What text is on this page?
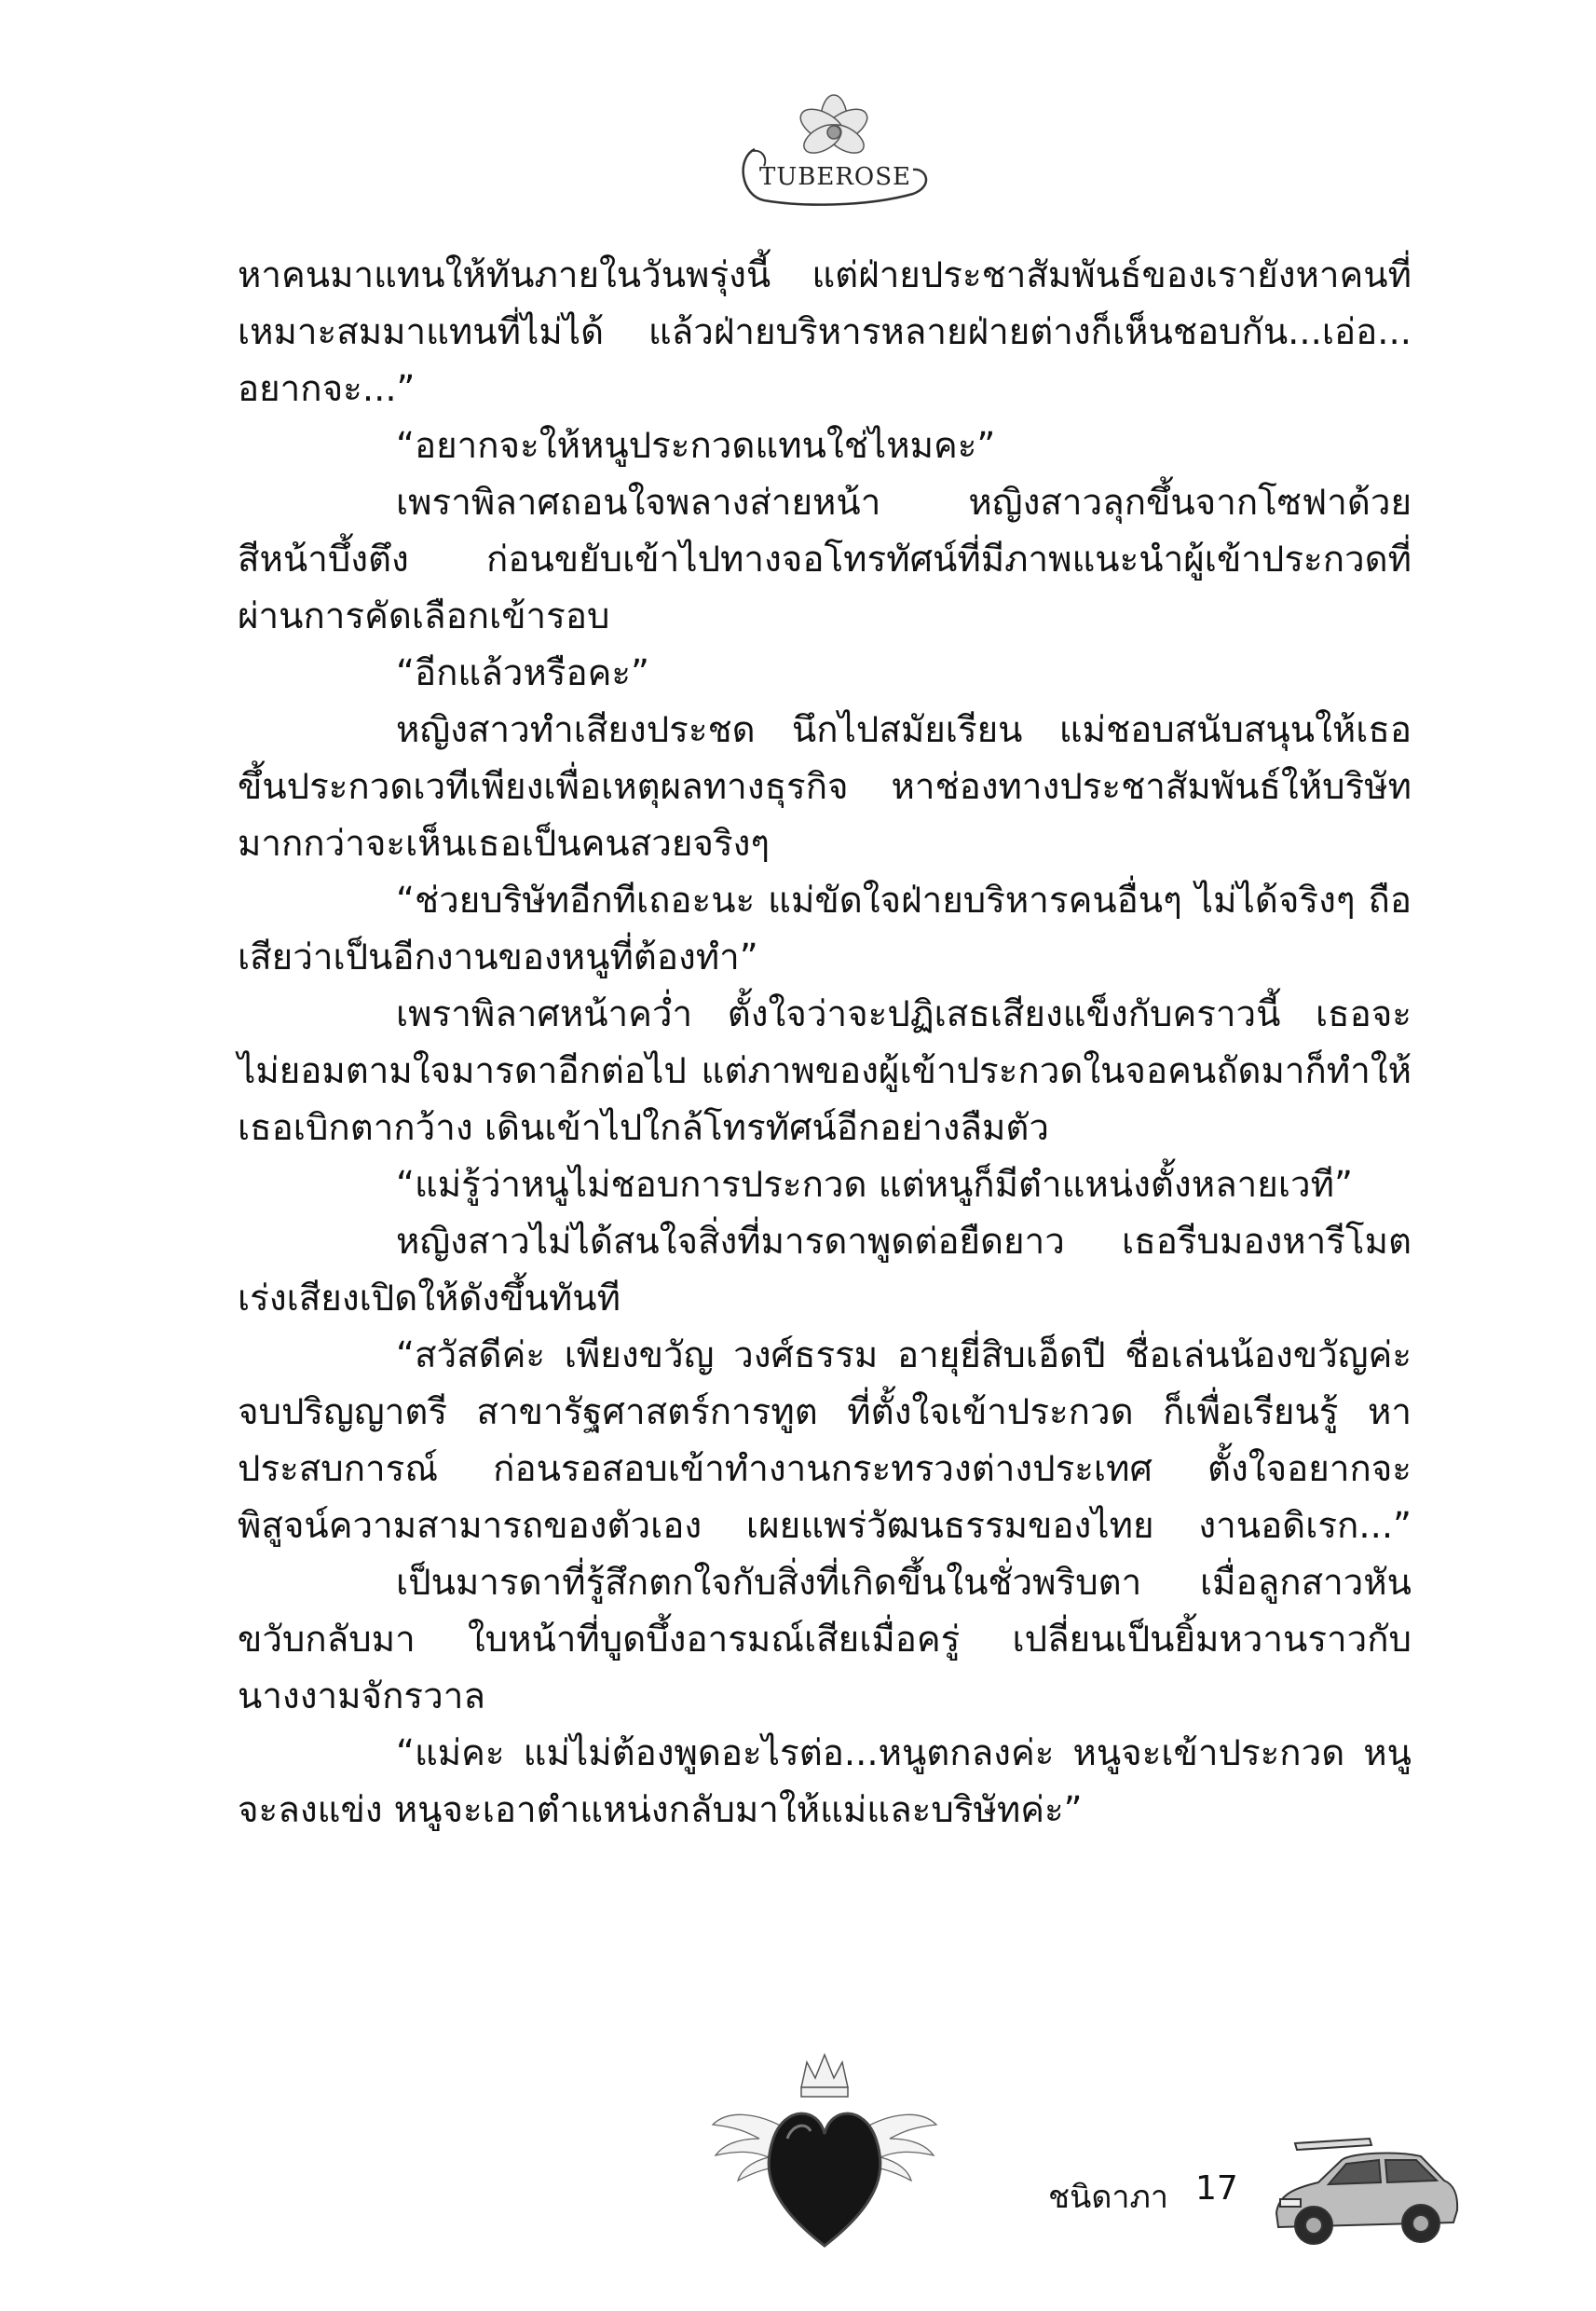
TUBEROSE
หาคนมาแทนให้ทันภายในวันพรุ่งนี้ แต่ฝ่ายประชาสัมพันธ์ของเรายังหาคนที่
เหมาะสมมาแทนที่ไม่ได้ แล้วฝ่ายบริหารหลายฝ่ายต่างก็เห็นชอบกัน...เอ่อ...
อยากจะ...”
“อยากจะให้หนูประกวดแทนใช่ไหมคะ”
เพราพิลาศถอนใจพลางส่ายหน้า หญิงสาวลุกขึ้นจากโซฟาด้วย
สีหน้าบึ้งตึง ก่อนขยับเข้าไปทางจอโทรทัศน์ที่มีภาพแนะนำผู้เข้าประกวดที่
ผ่านการคัดเลือกเข้ารอบ
“อีกแล้วหรือคะ”
หญิงสาวทำเสียงประชด นึกไปสมัยเรียน แม่ชอบสนับสนุนให้เธอ
ขึ้นประกวดเวทีเพียงเพื่อเหตุผลทางธุรกิจ หาช่องทางประชาสัมพันธ์ให้บริษัท
มากกว่าจะเห็นเธอเป็นคนสวยจริงๆ
“ช่วยบริษัทอีกทีเถอะนะ แม่ขัดใจฝ่ายบริหารคนอื่นๆ ไม่ได้จริงๆ ถือ
เสียว่าเป็นอีกงานของหนูที่ต้องทำ”
เพราพิลาศหน้าคว่ำ ตั้งใจว่าจะปฏิเสธเสียงแข็งกับคราวนี้ เธอจะ
ไม่ยอมตามใจมารดาอีกต่อไป แต่ภาพของผู้เข้าประกวดในจอคนถัดมาก็ทำให้
เธอเบิกตากว้าง เดินเข้าไปใกล้โทรทัศน์อีกอย่างลืมตัว
“แม่รู้ว่าหนูไม่ชอบการประกวด แต่หนูก็มีตำแหน่งตั้งหลายเวที”
หญิงสาวไม่ได้สนใจสิ่งที่มารดาพูดต่อยืดยาว เธอรีบมองหารีโมต
เร่งเสียงเปิดให้ดังขึ้นทันที
“สวัสดีค่ะ เพียงขวัญ วงศ์ธรรม อายุยี่สิบเอ็ดปี ชื่อเล่นน้องขวัญค่ะ
จบปริญญาตรี สาขารัฐศาสตร์การทูต ที่ตั้งใจเข้าประกวด ก็เพื่อเรียนรู้ หา
ประสบการณ์ ก่อนรอสอบเข้าทำงานกระทรวงต่างประเทศ ตั้งใจอยากจะ
พิสูจน์ความสามารถของตัวเอง เผยแพร่วัฒนธรรมของไทย งานอดิเรก...”
เป็นมารดาที่รู้สึกตกใจกับสิ่งที่เกิดขึ้นในชั่วพริบตา เมื่อลูกสาวหัน
ขวับกลับมา ใบหน้าที่บูดบึ้งอารมณ์เสียเมื่อครู่ เปลี่ยนเป็นยิ้มหวานราวกับ
นางงามจักรวาล
“แม่คะ แม่ไม่ต้องพูดอะไรต่อ...หนูตกลงค่ะ หนูจะเข้าประกวด หนู
จะลงแข่ง หนูจะเอาตำแหน่งกลับมาให้แม่และบริษัทค่ะ”
ชนิดาภา 17
